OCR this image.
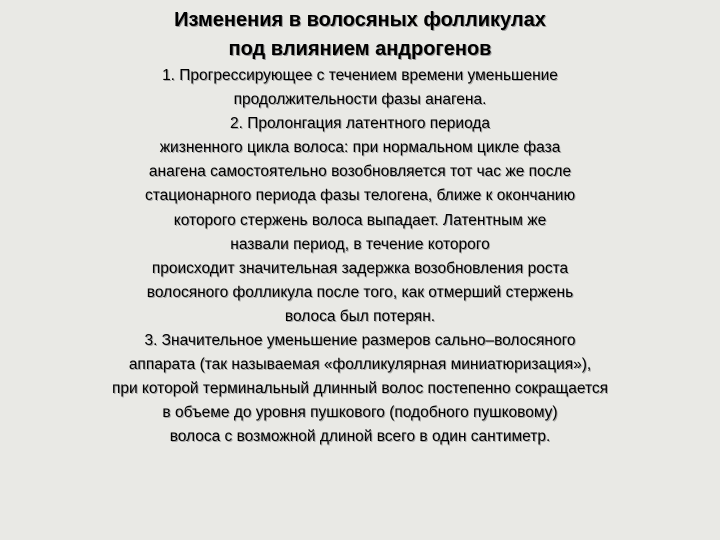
Изменения в волосяных фолликулах
под влиянием андрогенов
1. Прогрессирующее с течением времени уменьшение
продолжительности фазы анагена.
2. Пролонгация латентного периода
жизненного цикла волоса: при нормальном цикле фаза
анагена самостоятельно возобновляется тот час же после
стационарного периода фазы телогена, ближе к окончанию
которого стержень волоса выпадает. Латентным же
назвали период, в течение которого
происходит значительная задержка возобновления роста
волосяного фолликула после того, как отмерший стержень
волоса был потерян.
3. Значительное уменьшение размеров сально–волосяного
аппарата (так называемая «фолликулярная миниатюризация»),
при которой терминальный длинный волос постепенно сокращается
в объеме до уровня пушкового (подобного пушковому)
волоса с возможной длиной всего в один сантиметр.
